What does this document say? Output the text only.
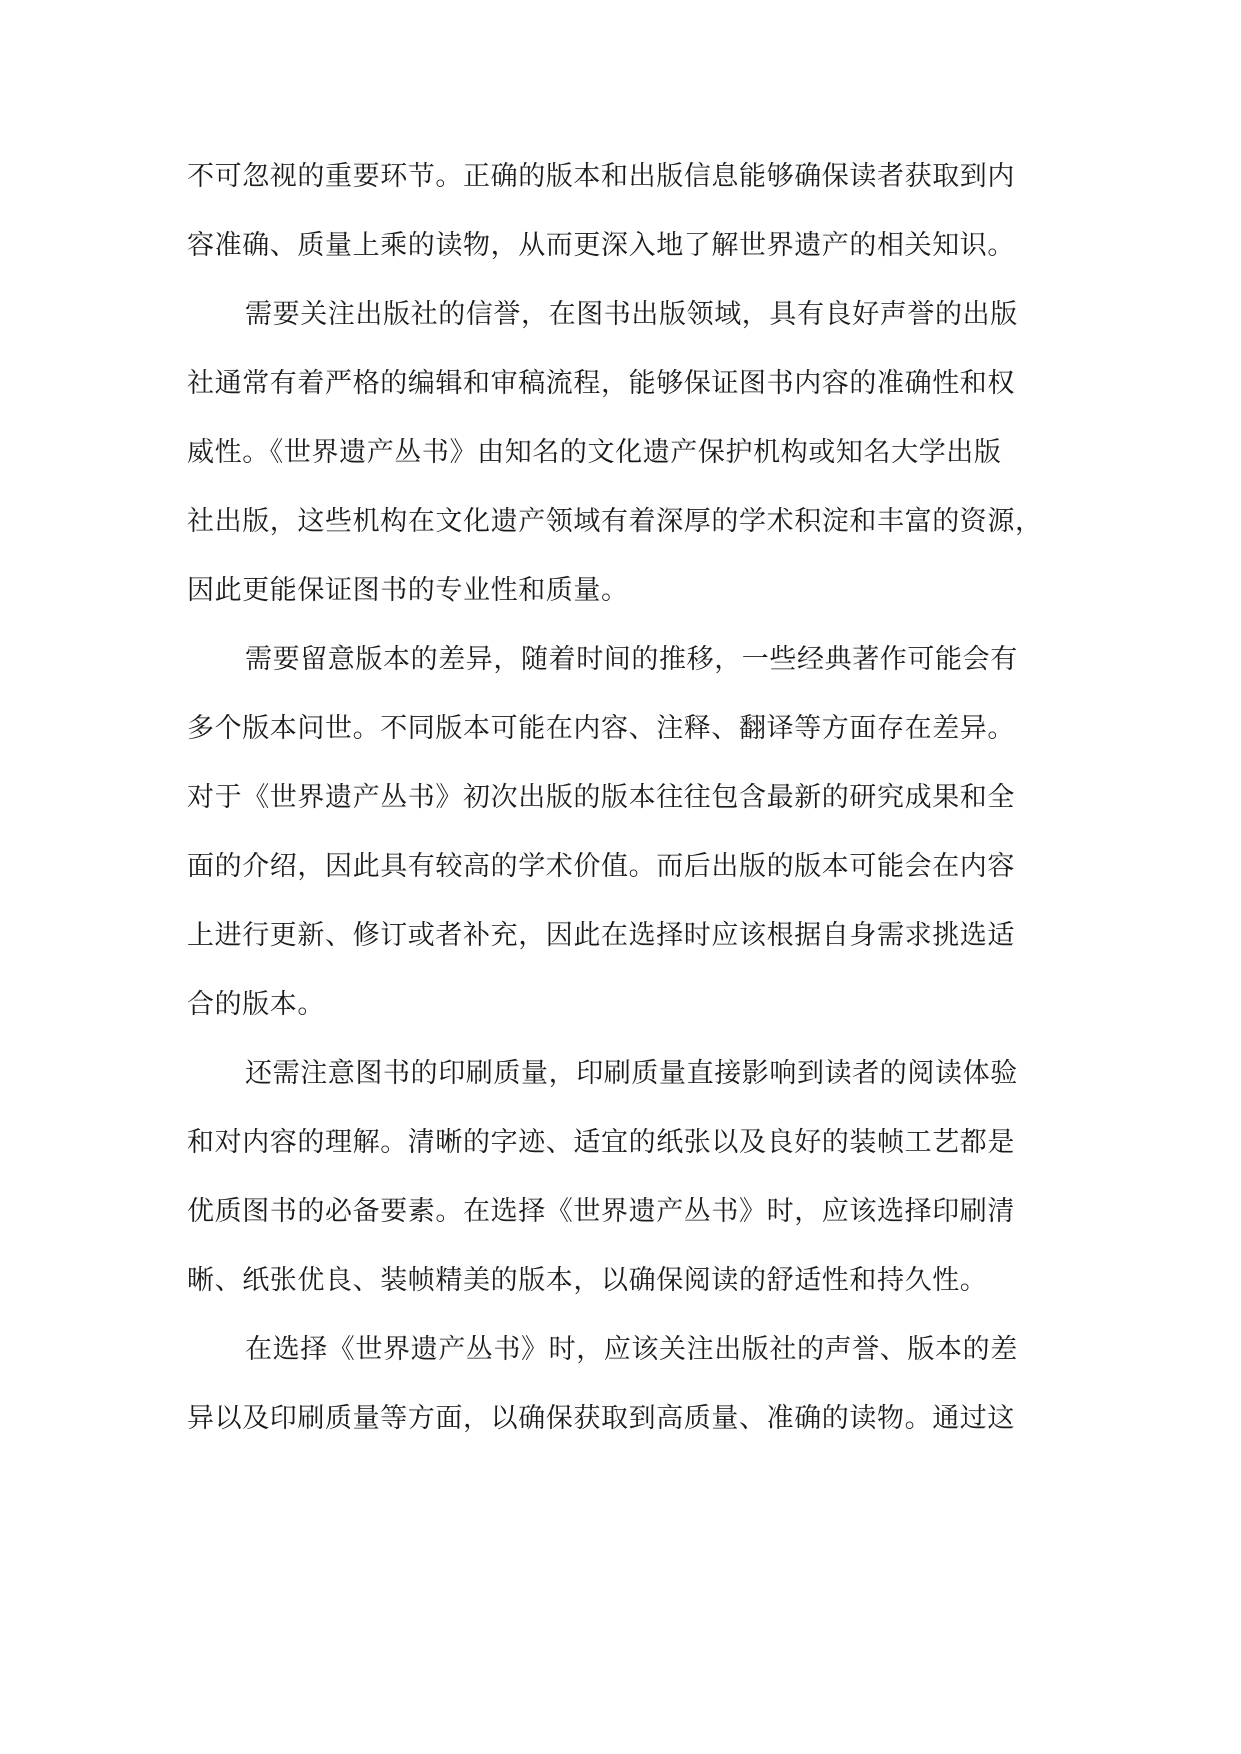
不可忽视的重要环节。正确的版本和出版信息能够确保读者获取到内
容准确、质量上乘的读物，从而更深入地了解世界遗产的相关知识。
需要关注出版社的信誉，在图书出版领域，具有良好声誉的出版
社通常有着严格的编辑和审稿流程，能够保证图书内容的准确性和权
威性。《世界遗产丛书》由知名的文化遗产保护机构或知名大学出版
社出版，这些机构在文化遗产领域有着深厚的学术积淀和丰富的资源，
因此更能保证图书的专业性和质量。
需要留意版本的差异，随着时间的推移，一些经典著作可能会有
多个版本问世。不同版本可能在内容、注释、翻译等方面存在差异。
对于《世界遗产丛书》初次出版的版本往往包含最新的研究成果和全
面的介绍，因此具有较高的学术价值。而后出版的版本可能会在内容
上进行更新、修订或者补充，因此在选择时应该根据自身需求挑选适
合的版本。
还需注意图书的印刷质量，印刷质量直接影响到读者的阅读体验
和对内容的理解。清晰的字迹、适宜的纸张以及良好的装帧工艺都是
优质图书的必备要素。在选择《世界遗产丛书》时，应该选择印刷清
晰、纸张优良、装帧精美的版本，以确保阅读的舒适性和持久性。
在选择《世界遗产丛书》时，应该关注出版社的声誉、版本的差
异以及印刷质量等方面，以确保获取到高质量、准确的读物。通过这
